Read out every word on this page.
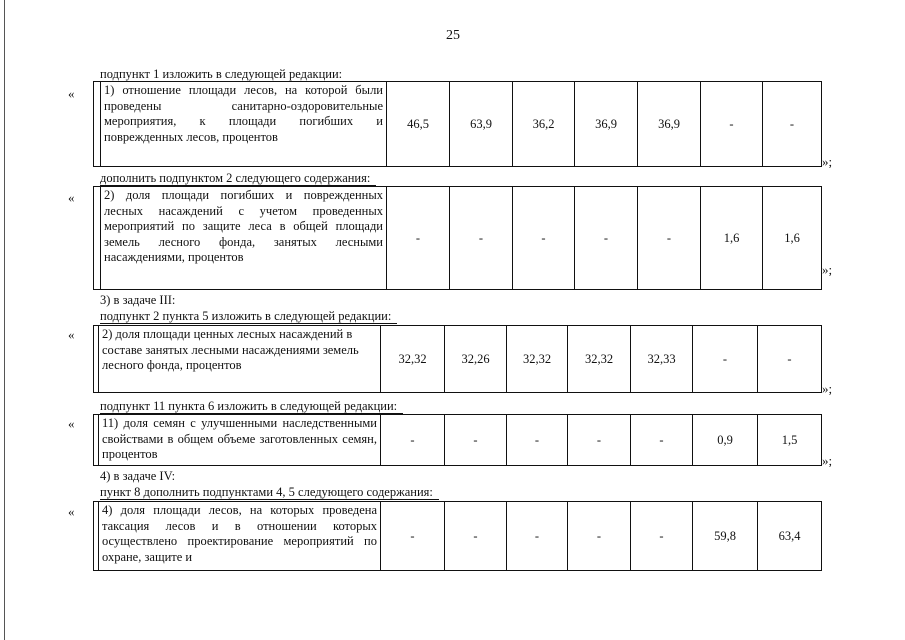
25
подпункт 1 изложить в следующей редакции:
«
	1) отношение площади лесов, на которой были проведены санитарно-оздоровительные мероприятия, к площади погибших и поврежденных лесов, процентов	46,5	63,9	36,2	36,9	36,9	-	-
»;
дополнить подпунктом 2 следующего содержания:
«
	2) доля площади погибших и поврежденных лесных насаждений с учетом проведенных мероприятий по защите леса в общей площади земель лесного фонда, занятых лесными насаждениями, процентов	-	-	-	-	-	1,6	1,6
»;
3) в задаче III:
подпункт 2 пункта 5 изложить в следующей редакции:
«
	2) доля площади ценных лесных насаждений в составе занятых лесными насаждениями земель лесного фонда, процентов	32,32	32,26	32,32	32,32	32,33	-	-
»;
подпункт 11 пункта 6 изложить в следующей редакции:
«
	11) доля семян с улучшенными наследственными свойствами в общем объеме заготовленных семян, процентов	-	-	-	-	-	0,9	1,5
»;
4) в задаче IV:
пункт 8 дополнить подпунктами 4, 5 следующего содержания:
«
	4) доля площади лесов, на которых проведена таксация лесов и в отношении которых осуществлено проектирование мероприятий по охране, защите и	-	-	-	-	-	59,8	63,4
